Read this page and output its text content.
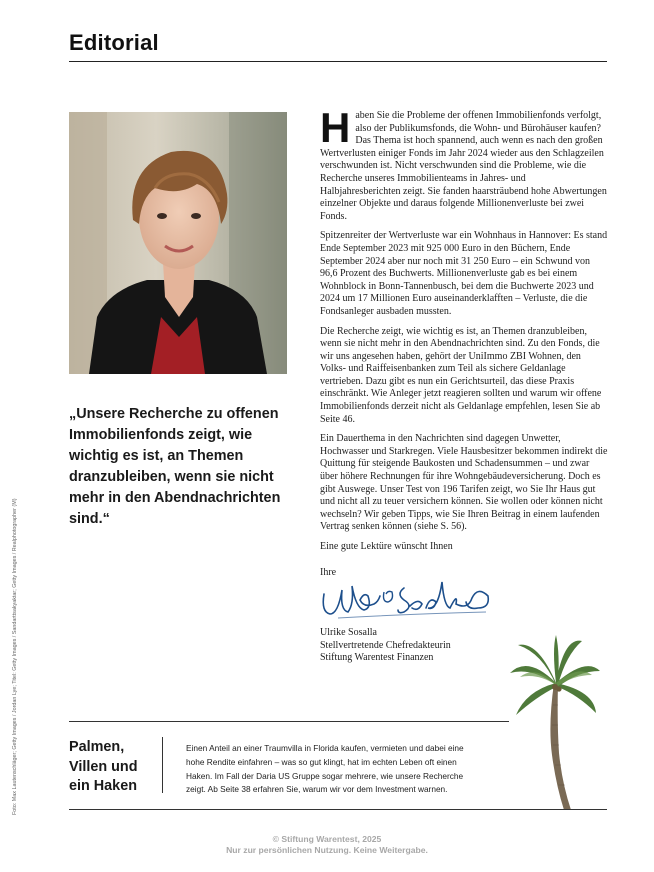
Editorial
„Unsere Recherche zu offenen Immobilienfonds zeigt, wie wichtig es ist, an Themen dranzubleiben, wenn sie nicht mehr in den Abendnachrichten sind.“

Haben Sie die Probleme der offenen Immobilienfonds verfolgt, also der Publikumsfonds, die Wohn- und Bürohäuser kaufen? Das Thema ist hoch spannend, auch wenn es nach den großen Wertverlusten einiger Fonds im Jahr 2024 wieder aus den Schlagzeilen verschwunden ist. Nicht verschwunden sind die Probleme, wie die Recherche unseres Immobilienteams in Jahres- und Halbjahresberichten zeigt. Sie fanden haarsträubend hohe Abwertungen einzelner Objekte und daraus folgende Millionenverluste bei zwei Fonds.

Spitzenreiter der Wertverluste war ein Wohnhaus in Hannover: Es stand Ende September 2023 mit 925 000 Euro in den Büchern, Ende September 2024 aber nur noch mit 31 250 Euro – ein Schwund von 96,6 Prozent des Buchwerts. Millionenverluste gab es bei einem Wohnblock in Bonn-Tannenbusch, bei dem die Buchwerte 2023 und 2024 um 17 Millionen Euro auseinanderklafften – Verluste, die die Fondsanleger ausbaden mussten.

Die Recherche zeigt, wie wichtig es ist, an Themen dranzubleiben, wenn sie nicht mehr in den Abendnachrichten sind. Zu den Fonds, die wir uns angesehen haben, gehört der UniImmo ZBI Wohnen, den Volks- und Raiffeisenbanken zum Teil als sichere Geldanlage vertrieben. Dazu gibt es nun ein Gerichtsurteil, das diese Praxis einschränkt. Wie Anleger jetzt reagieren sollten und warum wir offene Immobilienfonds derzeit nicht als Geldanlage empfehlen, lesen Sie ab Seite 46.

Ein Dauerthema in den Nachrichten sind dagegen Unwetter, Hochwasser und Starkregen. Viele Hausbesitzer bekommen indirekt die Quittung für steigende Baukosten und Schadensummen – und zwar über höhere Rechnungen für ihre Wohngebäudeversicherung. Doch es gibt Auswege. Unser Test von 196 Tarifen zeigt, wo Sie Ihr Haus gut und nicht all zu teuer versichern können. Sie wollen oder können nicht wechseln? Wir geben Tipps, wie Sie Ihren Beitrag in einem laufenden Vertrag senken können (siehe S. 56).

Eine gute Lektüre wünscht Ihnen

Ihre
Ulrike Sosalla
Stellvertretende Chefredakteurin
Stiftung Warentest Finanzen
Palmen, Villen und ein Haken
Einen Anteil an einer Traumvilla in Florida kaufen, vermieten und dabei eine hohe Rendite einfahren – was so gut klingt, hat im echten Leben oft einen Haken. Im Fall der Daria US Gruppe sogar mehrere, wie unsere Recherche zeigt. Ab Seite 38 erfahren Sie, warum wir vor dem Investment warnen.
Foto: Max Lautenschläger; Getty Images / Jordan Lye; Titel: Getty Images / Sandarttsakyaktar; Getty Images / Realphotographer (M)
© Stiftung Warentest, 2025
Nur zur persönlichen Nutzung. Keine Weitergabe.
